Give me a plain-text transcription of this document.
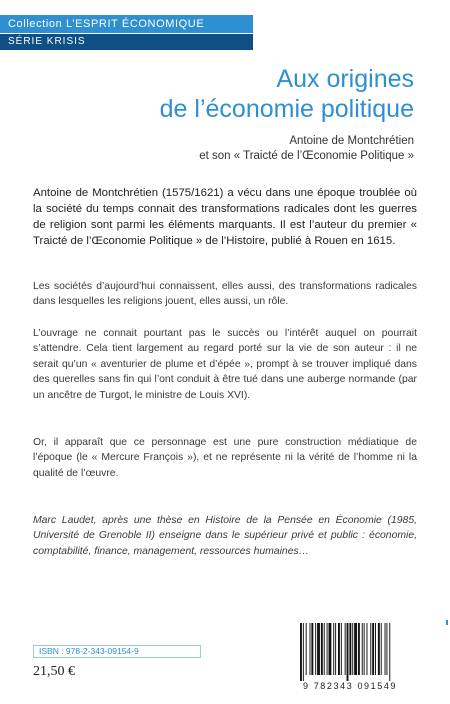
Collection L’ESPRIT ÉCONOMIQUE
SÉRIE KRISIS
Aux origines
de l’économie politique
Antoine de Montchrétien
et son « Traicté de l’Œconomie Politique »

Antoine de Montchrétien (1575/1621) a vécu dans une époque troublée où la société du temps connait des transformations radicales dont les guerres de religion sont parmi les éléments marquants. Il est l’auteur du premier « Traicté de l’Œconomie Politique » de l’Histoire, publié à Rouen en 1615.

Les sociétés d’aujourd’hui connaissent, elles aussi, des transformations radicales dans lesquelles les religions jouent, elles aussi, un rôle.

L’ouvrage ne connait pourtant pas le succès ou l’intérêt auquel on pourrait s’attendre. Cela tient largement au regard porté sur la vie de son auteur : il ne serait qu’un « aventurier de plume et d’épée », prompt à se trouver impliqué dans des querelles sans fin qui l’ont conduit à être tué dans une auberge normande (par un ancêtre de Turgot, le ministre de Louis XVI).

Or, il apparaît que ce personnage est une pure construction médiatique de l’époque (le « Mercure François »), et ne représente ni la vérité de l’homme ni la qualité de l’œuvre.

Marc Laudet, après une thèse en Histoire de la Pensée en Économie (1985, Université de Grenoble II) enseigne dans le supérieur privé et public : économie, comptabilité, finance, management, ressources humaines…

ISBN : 978-2-343-09154-9
21,50 €
9 782343 091549
